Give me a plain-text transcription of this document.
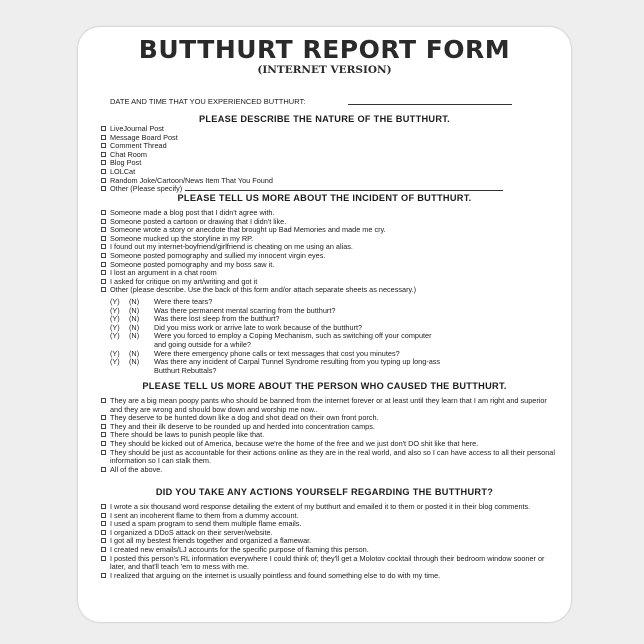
BUTTHURT REPORT FORM
(INTERNET VERSION)
DATE AND TIME THAT YOU EXPERIENCED BUTTHURT:
PLEASE DESCRIBE THE NATURE OF THE BUTTHURT.
LiveJournal Post
Message Board Post
Comment Thread
Chat Room
Blog Post
LOLCat
Random Joke/Cartoon/News Item That You Found
Other (Please specify)
PLEASE TELL US MORE ABOUT THE INCIDENT OF BUTTHURT.
Someone made a blog post that I didn't agree with.
Someone posted a cartoon or drawing that I didn't like.
Someone wrote a story or anecdote that brought up Bad Memories and made me cry.
Someone mucked up the storyline in my RP.
I found out my internet-boyfriend/girlfriend is cheating on me using an alias.
Someone posted pornography and sullied my innocent virgin eyes.
Someone posted pornography and my boss saw it.
I lost an argument in a chat room
I asked for critique on my art/writing and got it
Other (please describe. Use the back of this form and/or attach separate sheets as necessary.)
(Y) (N) Were there tears?
(Y) (N) Was there permanent mental scarring from the butthurt?
(Y) (N) Was there lost sleep from the butthurt?
(Y) (N) Did you miss work or arrive late to work because of the butthurt?
(Y) (N) Were you forced to employ a Coping Mechanism, such as switching off your computer
and going outside for a while?
(Y) (N) Were there emergency phone calls or text messages that cost you minutes?
(Y) (N) Was there any incident of Carpal Tunnel Syndrome resulting from you typing up long-ass
Butthurt Rebuttals?
PLEASE TELL US MORE ABOUT THE PERSON WHO CAUSED THE BUTTHURT.
They are a big mean poopy pants who should be banned from the internet forever or at least until they learn that I am right and superior and they are wrong and should bow down and worship me now..
They deserve to be hunted down like a dog and shot dead on their own front porch.
They and their ilk deserve to be rounded up and herded into concentration camps.
There should be laws to punish people like that.
They should be kicked out of America, because we're the home of the free and we just don't DO shit like that here.
They should be just as accountable for their actions online as they are in the real world, and also so I can have access to all their personal information so I can stalk them.
All of the above.
DID YOU TAKE ANY ACTIONS YOURSELF REGARDING THE BUTTHURT?
I wrote a six thousand word response detailing the extent of my butthurt and emailed it to them or posted it in their blog comments.
I sent an incoherent flame to them from a dummy account.
I used a spam program to send them multiple flame emails.
I organized a DDoS attack on their server/website.
I got all my bestest friends together and organized a flamewar.
I created new emails/LJ accounts for the specific purpose of flaming this person.
I posted this person's RL information everywhere I could think of; they'll get a Molotov cocktail through their bedroom window sooner or later, and that'll teach 'em to mess with me.
I realized that arguing on the internet is usually pointless and found something else to do with my time.
